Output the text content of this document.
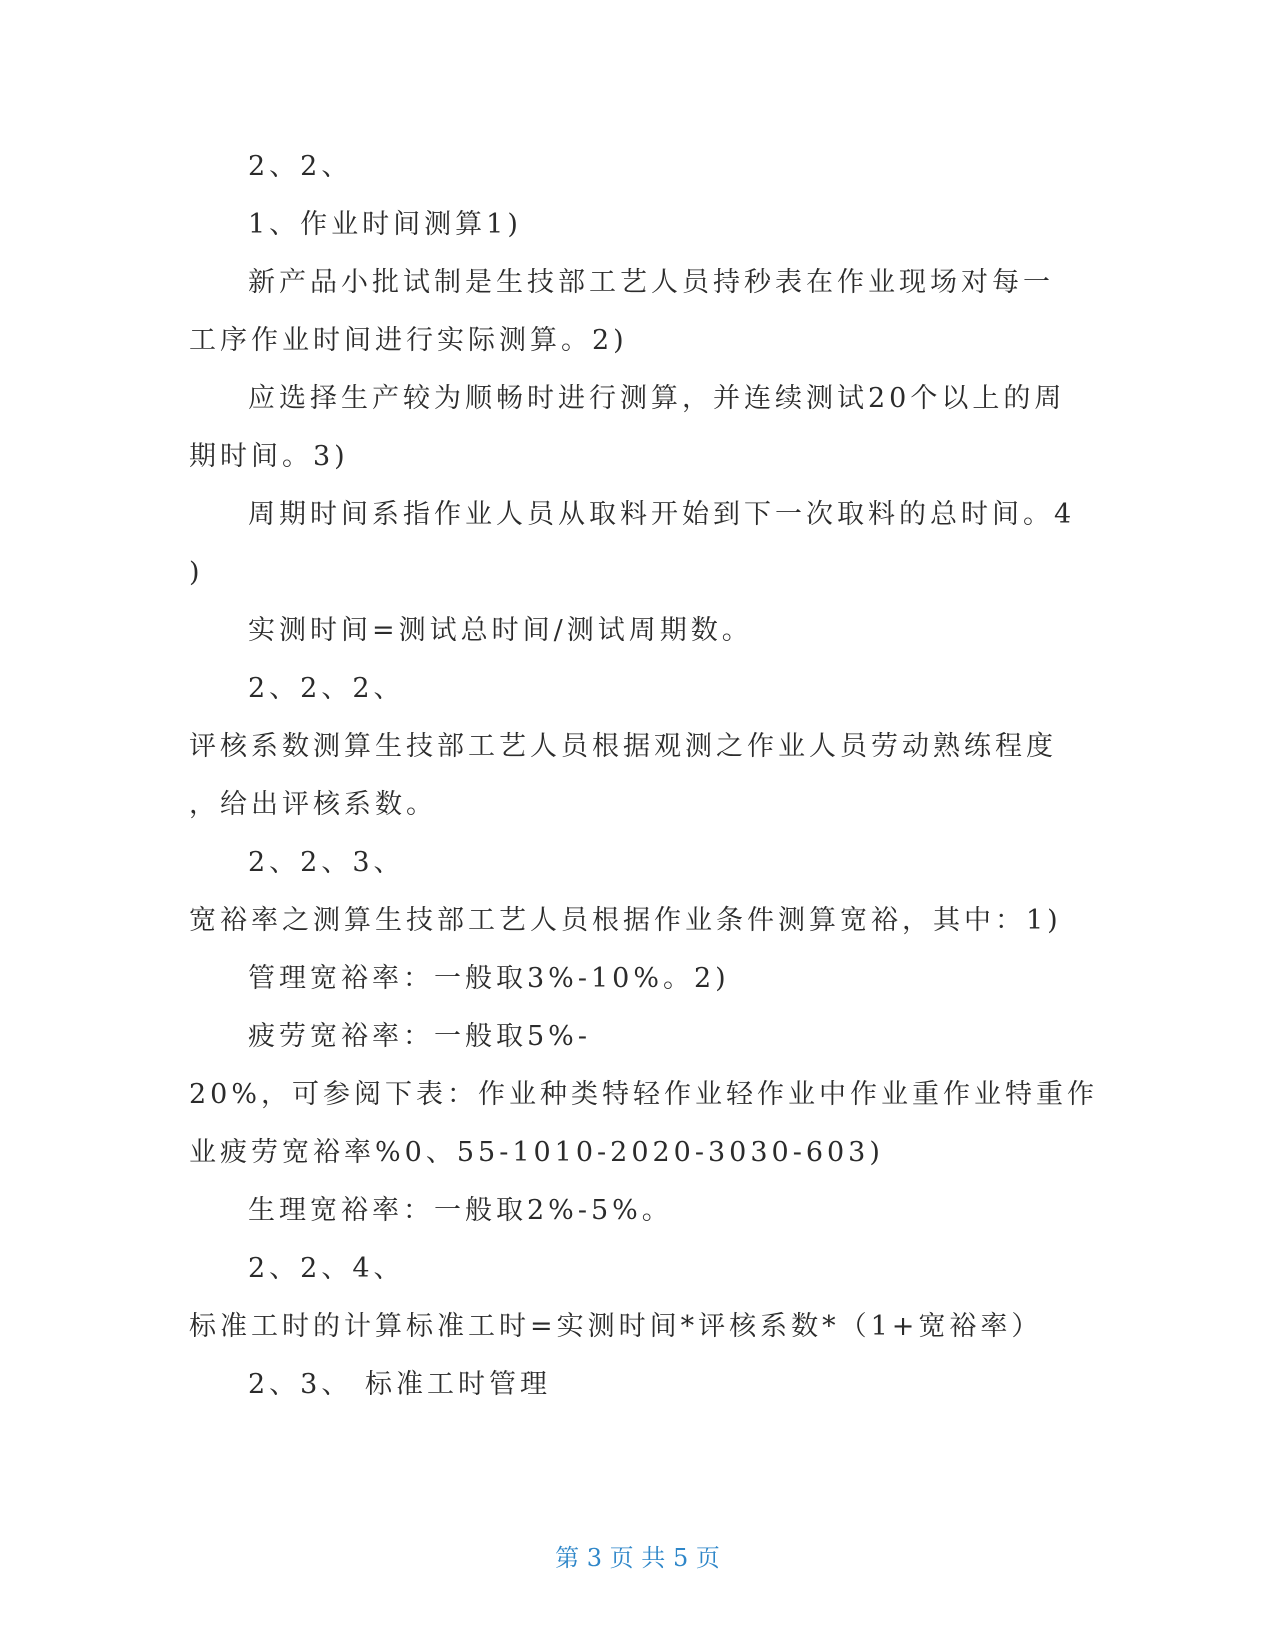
2、2、
1、作业时间测算1)
新产品小批试制是生技部工艺人员持秒表在作业现场对每一
工序作业时间进行实际测算。2)
应选择生产较为顺畅时进行测算，并连续测试20个以上的周
期时间。3)
周期时间系指作业人员从取料开始到下一次取料的总时间。4
)
实测时间=测试总时间/测试周期数。
2、2、2、
评核系数测算生技部工艺人员根据观测之作业人员劳动熟练程度
，给出评核系数。
2、2、3、
宽裕率之测算生技部工艺人员根据作业条件测算宽裕，其中：1)
管理宽裕率：一般取3%-10%。2)
疲劳宽裕率：一般取5%-
20%，可参阅下表：作业种类特轻作业轻作业中作业重作业特重作
业疲劳宽裕率%0、55-1010-2020-3030-603)
生理宽裕率：一般取2%-5%。
2、2、4、
标准工时的计算标准工时=实测时间*评核系数*（1+宽裕率）
2、3、 标准工时管理
第 3 页 共 5 页
